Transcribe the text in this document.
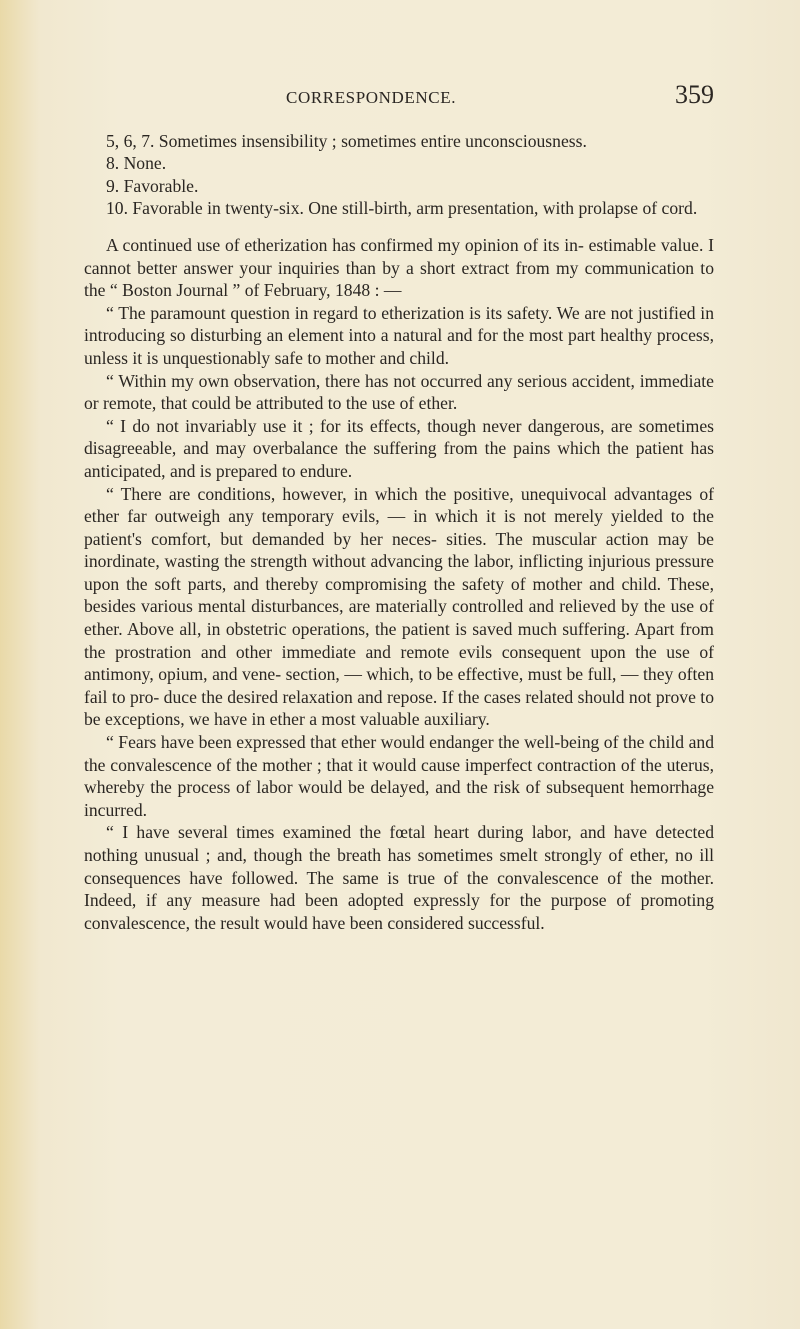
CORRESPONDENCE.	359

5, 6, 7. Sometimes insensibility ; sometimes entire unconsciousness.

8. None.

9. Favorable.

10. Favorable in twenty-six. One still-birth, arm presentation, with prolapse of cord.

A continued use of etherization has confirmed my opinion of its in- estimable value. I cannot better answer your inquiries than by a short extract from my communication to the “ Boston Journal ” of February, 1848 : —

“ The paramount question in regard to etherization is its safety. We are not justified in introducing so disturbing an element into a natural and for the most part healthy process, unless it is unquestionably safe to mother and child.

“ Within my own observation, there has not occurred any serious accident, immediate or remote, that could be attributed to the use of ether.

“ I do not invariably use it ; for its effects, though never dangerous, are sometimes disagreeable, and may overbalance the suffering from the pains which the patient has anticipated, and is prepared to endure.

“ There are conditions, however, in which the positive, unequivocal advantages of ether far outweigh any temporary evils, — in which it is not merely yielded to the patient's comfort, but demanded by her neces- sities. The muscular action may be inordinate, wasting the strength without advancing the labor, inflicting injurious pressure upon the soft parts, and thereby compromising the safety of mother and child. These, besides various mental disturbances, are materially controlled and relieved by the use of ether. Above all, in obstetric operations, the patient is saved much suffering. Apart from the prostration and other immediate and remote evils consequent upon the use of antimony, opium, and vene- section, — which, to be effective, must be full, — they often fail to pro- duce the desired relaxation and repose. If the cases related should not prove to be exceptions, we have in ether a most valuable auxiliary.

“ Fears have been expressed that ether would endanger the well-being of the child and the convalescence of the mother ; that it would cause imperfect contraction of the uterus, whereby the process of labor would be delayed, and the risk of subsequent hemorrhage incurred.

“ I have several times examined the fœtal heart during labor, and have detected nothing unusual ; and, though the breath has sometimes smelt strongly of ether, no ill consequences have followed. The same is true of the convalescence of the mother. Indeed, if any measure had been adopted expressly for the purpose of promoting convalescence, the result would have been considered successful.
